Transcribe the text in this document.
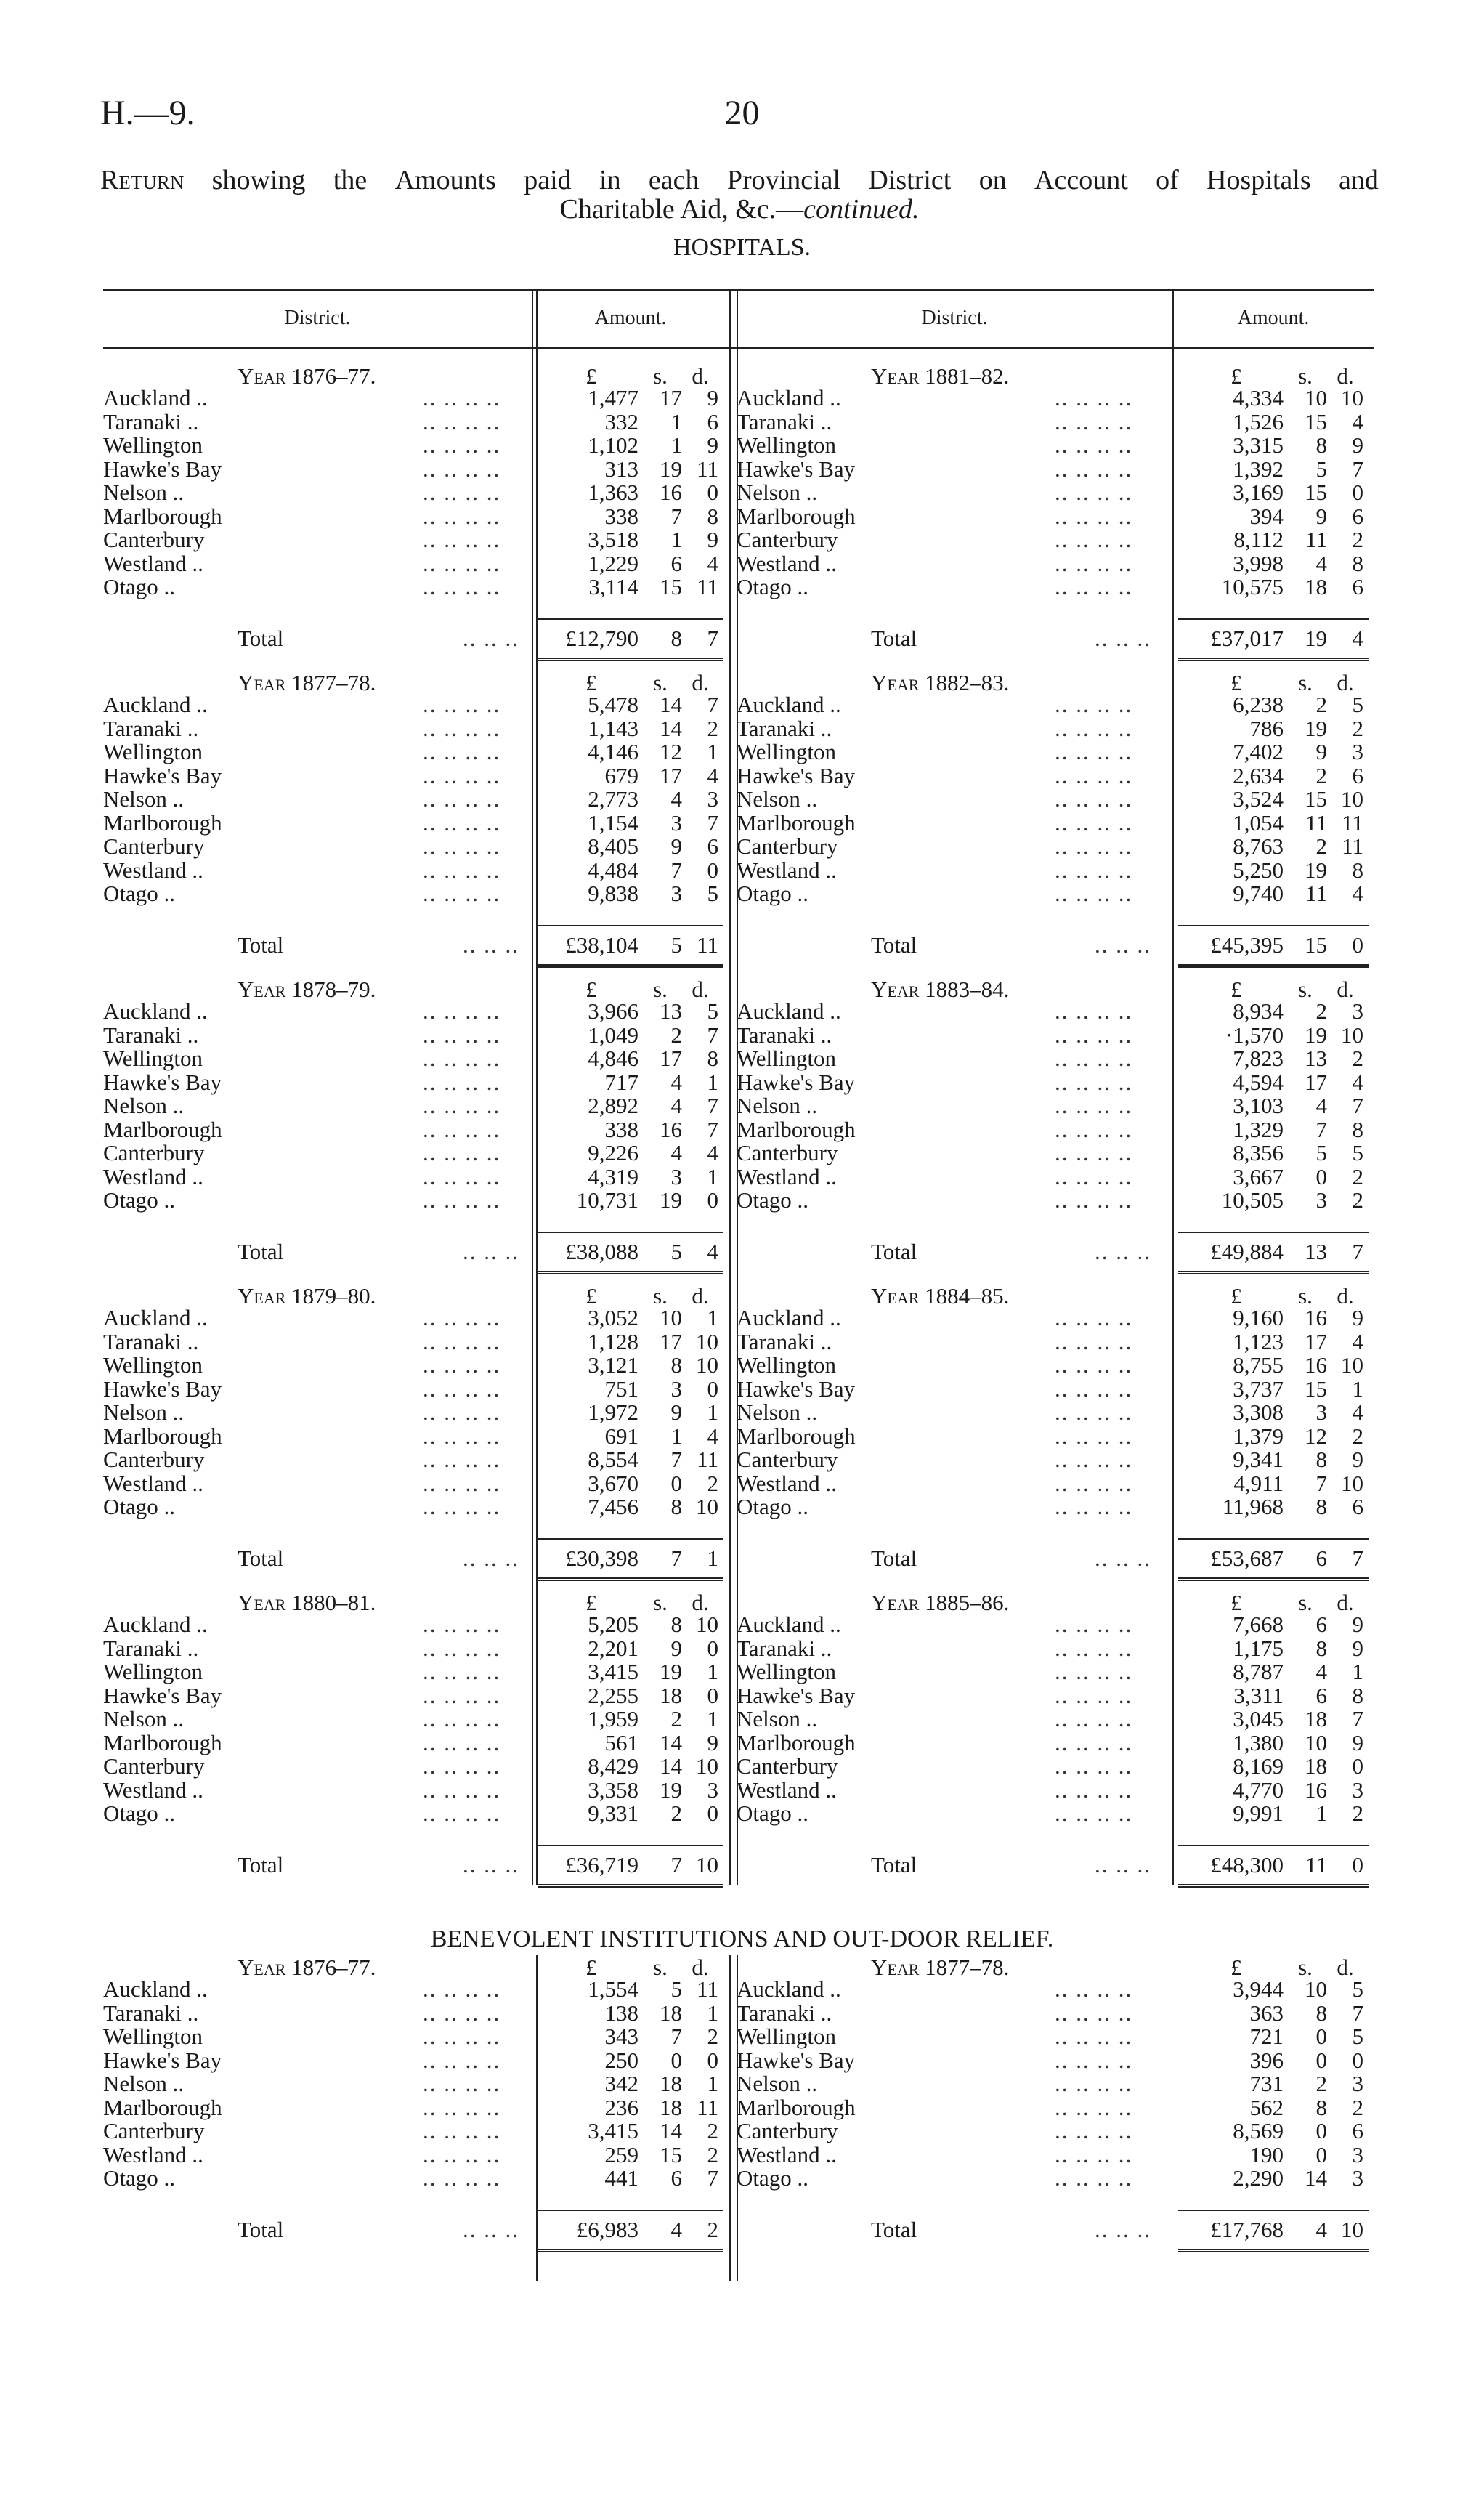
H.—9.	20
Return showing the Amounts paid in each Provincial District on Account of Hospitals and
Charitable Aid, &c.—continued.
HOSPITALS.
District.	Amount.	District.	Amount.
Year 1876–77.	£	s.	d.
Auckland ..	.. .. .. ..	1,477 17	9
Taranaki ..	.. .. .. ..	332	1	6
Wellington	.. .. .. ..	1,102	1	9
Hawke's Bay	.. .. .. ..	313 19 11
Nelson ..	.. .. .. ..	1,363 16	0
Marlborough	.. .. .. ..	338	7	8
Canterbury	.. .. .. ..	3,518	1	9
Westland ..	.. .. .. ..	1,229	6	4
Otago ..	.. .. .. ..	3,114 15 11
Total	.. .. ..	£12,790	8	7
Year 1881–82.	£	s.	d.
Auckland ..	.. .. .. ..	4,334 10 10
Taranaki ..	.. .. .. ..	1,526 15	4
Wellington	.. .. .. ..	3,315	8	9
Hawke's Bay	.. .. .. ..	1,392	5	7
Nelson ..	.. .. .. ..	3,169 15	0
Marlborough	.. .. .. ..	394	9	6
Canterbury	.. .. .. ..	8,112 11	2
Westland ..	.. .. .. ..	3,998	4	8
Otago ..	.. .. .. ..	10,575 18	6
Total	.. .. ..	£37,017 19	4
Year 1877–78.	£	s.	d.
Auckland ..	.. .. .. ..	5,478 14	7
Taranaki ..	.. .. .. ..	1,143 14	2
Wellington	.. .. .. ..	4,146 12	1
Hawke's Bay	.. .. .. ..	679 17	4
Nelson ..	.. .. .. ..	2,773	4	3
Marlborough	.. .. .. ..	1,154	3	7
Canterbury	.. .. .. ..	8,405	9	6
Westland ..	.. .. .. ..	4,484	7	0
Otago ..	.. .. .. ..	9,838	3	5
Total	.. .. ..	£38,104	5 11
Year 1882–83.	£	s.	d.
Auckland ..	.. .. .. ..	6,238	2	5
Taranaki ..	.. .. .. ..	786 19	2
Wellington	.. .. .. ..	7,402	9	3
Hawke's Bay	.. .. .. ..	2,634	2	6
Nelson ..	.. .. .. ..	3,524 15 10
Marlborough	.. .. .. ..	1,054 11 11
Canterbury	.. .. .. ..	8,763	2 11
Westland ..	.. .. .. ..	5,250 19	8
Otago ..	.. .. .. ..	9,740 11	4
Total	.. .. ..	£45,395 15	0
Year 1878–79.	£	s.	d.
Auckland ..	.. .. .. ..	3,966 13	5
Taranaki ..	.. .. .. ..	1,049	2	7
Wellington	.. .. .. ..	4,846 17	8
Hawke's Bay	.. .. .. ..	717	4	1
Nelson ..	.. .. .. ..	2,892	4	7
Marlborough	.. .. .. ..	338 16	7
Canterbury	.. .. .. ..	9,226	4	4
Westland ..	.. .. .. ..	4,319	3	1
Otago ..	.. .. .. ..	10,731 19	0
Total	.. .. ..	£38,088	5	4
Year 1883–84.	£	s.	d.
Auckland ..	.. .. .. ..	8,934	2	3
Taranaki ..	.. .. .. ..	·1,570 19 10
Wellington	.. .. .. ..	7,823 13	2
Hawke's Bay	.. .. .. ..	4,594 17	4
Nelson ..	.. .. .. ..	3,103	4	7
Marlborough	.. .. .. ..	1,329	7	8
Canterbury	.. .. .. ..	8,356	5	5
Westland ..	.. .. .. ..	3,667	0	2
Otago ..	.. .. .. ..	10,505	3	2
Total	.. .. ..	£49,884 13	7
Year 1879–80.	£	s.	d.
Auckland ..	.. .. .. ..	3,052 10	1
Taranaki ..	.. .. .. ..	1,128 17 10
Wellington	.. .. .. ..	3,121	8 10
Hawke's Bay	.. .. .. ..	751	3	0
Nelson ..	.. .. .. ..	1,972	9	1
Marlborough	.. .. .. ..	691	1	4
Canterbury	.. .. .. ..	8,554	7 11
Westland ..	.. .. .. ..	3,670	0	2
Otago ..	.. .. .. ..	7,456	8 10
Total	.. .. ..	£30,398	7	1
Year 1884–85.	£	s.	d.
Auckland ..	.. .. .. ..	9,160 16	9
Taranaki ..	.. .. .. ..	1,123 17	4
Wellington	.. .. .. ..	8,755 16 10
Hawke's Bay	.. .. .. ..	3,737 15	1
Nelson ..	.. .. .. ..	3,308	3	4
Marlborough	.. .. .. ..	1,379 12	2
Canterbury	.. .. .. ..	9,341	8	9
Westland ..	.. .. .. ..	4,911	7 10
Otago ..	.. .. .. ..	11,968	8	6
Total	.. .. ..	£53,687	6	7
Year 1880–81.	£	s.	d.
Auckland ..	.. .. .. ..	5,205	8 10
Taranaki ..	.. .. .. ..	2,201	9	0
Wellington	.. .. .. ..	3,415 19	1
Hawke's Bay	.. .. .. ..	2,255 18	0
Nelson ..	.. .. .. ..	1,959	2	1
Marlborough	.. .. .. ..	561 14	9
Canterbury	.. .. .. ..	8,429 14 10
Westland ..	.. .. .. ..	3,358 19	3
Otago ..	.. .. .. ..	9,331	2	0
Total	.. .. ..	£36,719	7 10
Year 1885–86.	£	s.	d.
Auckland ..	.. .. .. ..	7,668	6	9
Taranaki ..	.. .. .. ..	1,175	8	9
Wellington	.. .. .. ..	8,787	4	1
Hawke's Bay	.. .. .. ..	3,311	6	8
Nelson ..	.. .. .. ..	3,045 18	7
Marlborough	.. .. .. ..	1,380 10	9
Canterbury	.. .. .. ..	8,169 18	0
Westland ..	.. .. .. ..	4,770 16	3
Otago ..	.. .. .. ..	9,991	1	2
Total	.. .. ..	£48,300 11	0
BENEVOLENT INSTITUTIONS AND OUT-DOOR RELIEF.
Year 1876–77.	£	s.	d.
Auckland ..	.. .. .. ..	1,554	5 11
Taranaki ..	.. .. .. ..	138 18	1
Wellington	.. .. .. ..	343	7	2
Hawke's Bay	.. .. .. ..	250	0	0
Nelson ..	.. .. .. ..	342 18	1
Marlborough	.. .. .. ..	236 18 11
Canterbury	.. .. .. ..	3,415 14	2
Westland ..	.. .. .. ..	259 15	2
Otago ..	.. .. .. ..	441	6	7
Total	.. .. ..	£6,983	4	2
Year 1877–78.	£	s.	d.
Auckland ..	.. .. .. ..	3,944 10	5
Taranaki ..	.. .. .. ..	363	8	7
Wellington	.. .. .. ..	721	0	5
Hawke's Bay	.. .. .. ..	396	0	0
Nelson ..	.. .. .. ..	731	2	3
Marlborough	.. .. .. ..	562	8	2
Canterbury	.. .. .. ..	8,569	0	6
Westland ..	.. .. .. ..	190	0	3
Otago ..	.. .. .. ..	2,290 14	3
Total	.. .. ..	£17,768	4 10
